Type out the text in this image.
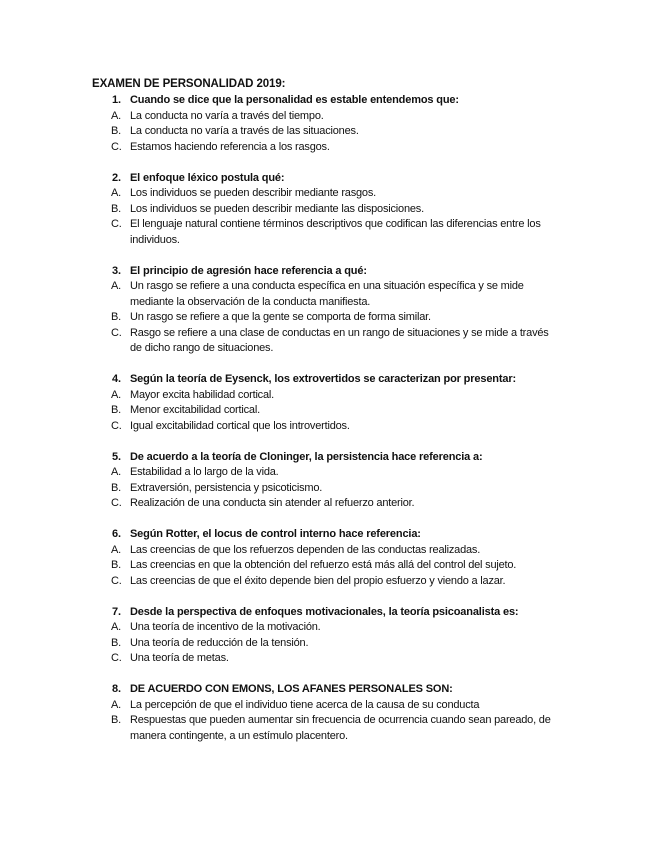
EXAMEN DE PERSONALIDAD 2019:
1. Cuando se dice que la personalidad es estable entendemos que:
A. La conducta no varía a través del tiempo.
B. La conducta no varía a través de las situaciones.
C. Estamos haciendo referencia a los rasgos.
2. El enfoque léxico postula qué:
A. Los individuos se pueden describir mediante rasgos.
B. Los individuos se pueden describir mediante las disposiciones.
C. El lenguaje natural contiene términos descriptivos que codifican las diferencias entre los individuos.
3. El principio de agresión hace referencia a qué:
A. Un rasgo se refiere a una conducta específica en una situación específica y se mide mediante la observación de la conducta manifiesta.
B. Un rasgo se refiere a que la gente se comporta de forma similar.
C. Rasgo se refiere a una clase de conductas en un rango de situaciones y se mide a través de dicho rango de situaciones.
4. Según la teoría de Eysenck, los extrovertidos se caracterizan por presentar:
A. Mayor excita habilidad cortical.
B. Menor excitabilidad cortical.
C. Igual excitabilidad cortical que los introvertidos.
5. De acuerdo a la teoría de Cloninger, la persistencia hace referencia a:
A. Estabilidad a lo largo de la vida.
B. Extraversión, persistencia y psicoticismo.
C. Realización de una conducta sin atender al refuerzo anterior.
6. Según Rotter, el locus de control interno hace referencia:
A. Las creencias de que los refuerzos dependen de las conductas realizadas.
B. Las creencias en que la obtención del refuerzo está más allá del control del sujeto.
C. Las creencias de que el éxito depende bien del propio esfuerzo y viendo a lazar.
7. Desde la perspectiva de enfoques motivacionales, la teoría psicoanalista es:
A. Una teoría de incentivo de la motivación.
B. Una teoría de reducción de la tensión.
C. Una teoría de metas.
8. DE ACUERDO CON EMONS, LOS AFANES PERSONALES SON:
A. La percepción de que el individuo tiene acerca de la causa de su conducta
B. Respuestas que pueden aumentar sin frecuencia de ocurrencia cuando sean pareado, de manera contingente, a un estímulo placentero.
